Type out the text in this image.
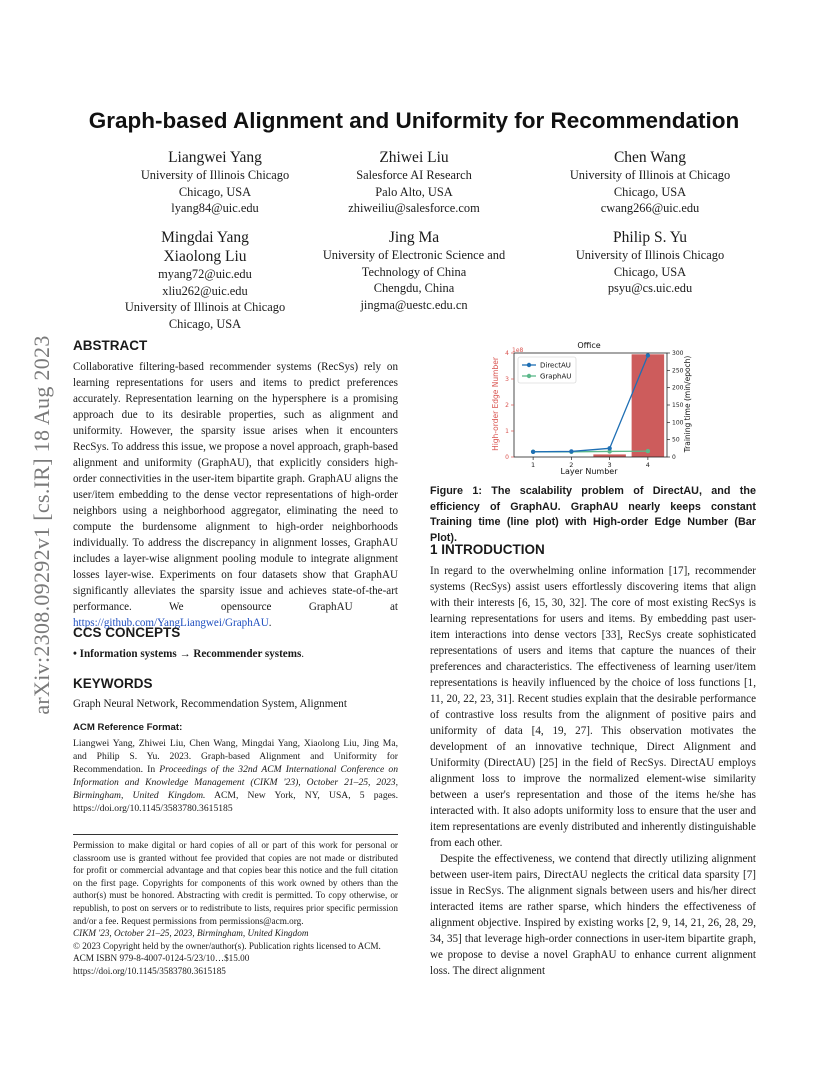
arXiv:2308.09292v1 [cs.IR] 18 Aug 2023
Graph-based Alignment and Uniformity for Recommendation
Liangwei Yang
University of Illinois Chicago
Chicago, USA
lyang84@uic.edu
Zhiwei Liu
Salesforce AI Research
Palo Alto, USA
zhiweiliu@salesforce.com
Chen Wang
University of Illinois at Chicago
Chicago, USA
cwang266@uic.edu
Mingdai Yang
Xiaolong Liu
myang72@uic.edu
xliu262@uic.edu
University of Illinois at Chicago
Chicago, USA
Jing Ma
University of Electronic Science and
Technology of China
Chengdu, China
jingma@uestc.edu.cn
Philip S. Yu
University of Illinois Chicago
Chicago, USA
psyu@cs.uic.edu
ABSTRACT
Collaborative filtering-based recommender systems (RecSys) rely on learning representations for users and items to predict preferences accurately. Representation learning on the hypersphere is a promising approach due to its desirable properties, such as alignment and uniformity. However, the sparsity issue arises when it encounters RecSys. To address this issue, we propose a novel approach, graph-based alignment and uniformity (GraphAU), that explicitly considers high-order connectivities in the user-item bipartite graph. GraphAU aligns the user/item embedding to the dense vector representations of high-order neighbors using a neighborhood aggregator, eliminating the need to compute the burdensome alignment to high-order neighborhoods individually. To address the discrepancy in alignment losses, GraphAU includes a layer-wise alignment pooling module to integrate alignment losses layer-wise. Experiments on four datasets show that GraphAU significantly alleviates the sparsity issue and achieves state-of-the-art performance. We opensource GraphAU at https://github.com/YangLiangwei/GraphAU.
CCS CONCEPTS
• Information systems → Recommender systems.
KEYWORDS
Graph Neural Network, Recommendation System, Alignment
ACM Reference Format:
Liangwei Yang, Zhiwei Liu, Chen Wang, Mingdai Yang, Xiaolong Liu, Jing Ma, and Philip S. Yu. 2023. Graph-based Alignment and Uniformity for Recommendation. In Proceedings of the 32nd ACM International Conference on Information and Knowledge Management (CIKM '23), October 21–25, 2023, Birmingham, United Kingdom. ACM, New York, NY, USA, 5 pages. https://doi.org/10.1145/3583780.3615185
Permission to make digital or hard copies of all or part of this work for personal or classroom use is granted without fee provided that copies are not made or distributed for profit or commercial advantage and that copies bear this notice and the full citation on the first page. Copyrights for components of this work owned by others than the author(s) must be honored. Abstracting with credit is permitted. To copy otherwise, or republish, to post on servers or to redistribute to lists, requires prior specific permission and/or a fee. Request permissions from permissions@acm.org.
CIKM '23, October 21–25, 2023, Birmingham, United Kingdom
© 2023 Copyright held by the owner/author(s). Publication rights licensed to ACM.
ACM ISBN 979-8-4007-0124-5/23/10…$15.00
https://doi.org/10.1145/3583780.3615185
Office
1e8
Layer Number
High-order Edge Number	Training time (min/epoch)
0
1
2
3
4
0
50
100
150
200
250
300
1	2	3	4
DirectAU
GraphAU
Figure 1: The scalability problem of DirectAU, and the efficiency of GraphAU. GraphAU nearly keeps constant Training time (line plot) with High-order Edge Number (Bar Plot).
1 INTRODUCTION

In regard to the overwhelming online information [17], recommender systems (RecSys) assist users effortlessly discovering items that align with their interests [6, 15, 30, 32]. The core of most existing RecSys is learning representations for users and items. By embedding past user-item interactions into dense vectors [33], RecSys create sophisticated representations of users and items that capture the nuances of their preferences and characteristics. The effectiveness of learning user/item representations is heavily influenced by the choice of loss functions [1, 11, 20, 22, 23, 31]. Recent studies explain that the desirable performance of contrastive loss results from the alignment of positive pairs and uniformity of data [4, 19, 27]. This observation motivates the development of an innovative technique, Direct Alignment and Uniformity (DirectAU) [25] in the field of RecSys. DirectAU employs alignment loss to improve the normalized element-wise similarity between a user's representation and those of the items he/she has interacted with. It also adopts uniformity loss to ensure that the user and item representations are evenly distributed and inherently distinguishable from each other.

Despite the effectiveness, we contend that directly utilizing alignment between user-item pairs, DirectAU neglects the critical data sparsity [7] issue in RecSys. The alignment signals between users and his/her direct interacted items are rather sparse, which hinders the effectiveness of alignment objective. Inspired by existing works [2, 9, 14, 21, 26, 28, 29, 34, 35] that leverage high-order connections in user-item bipartite graph, we propose to devise a novel GraphAU to enhance current alignment loss. The direct alignment
